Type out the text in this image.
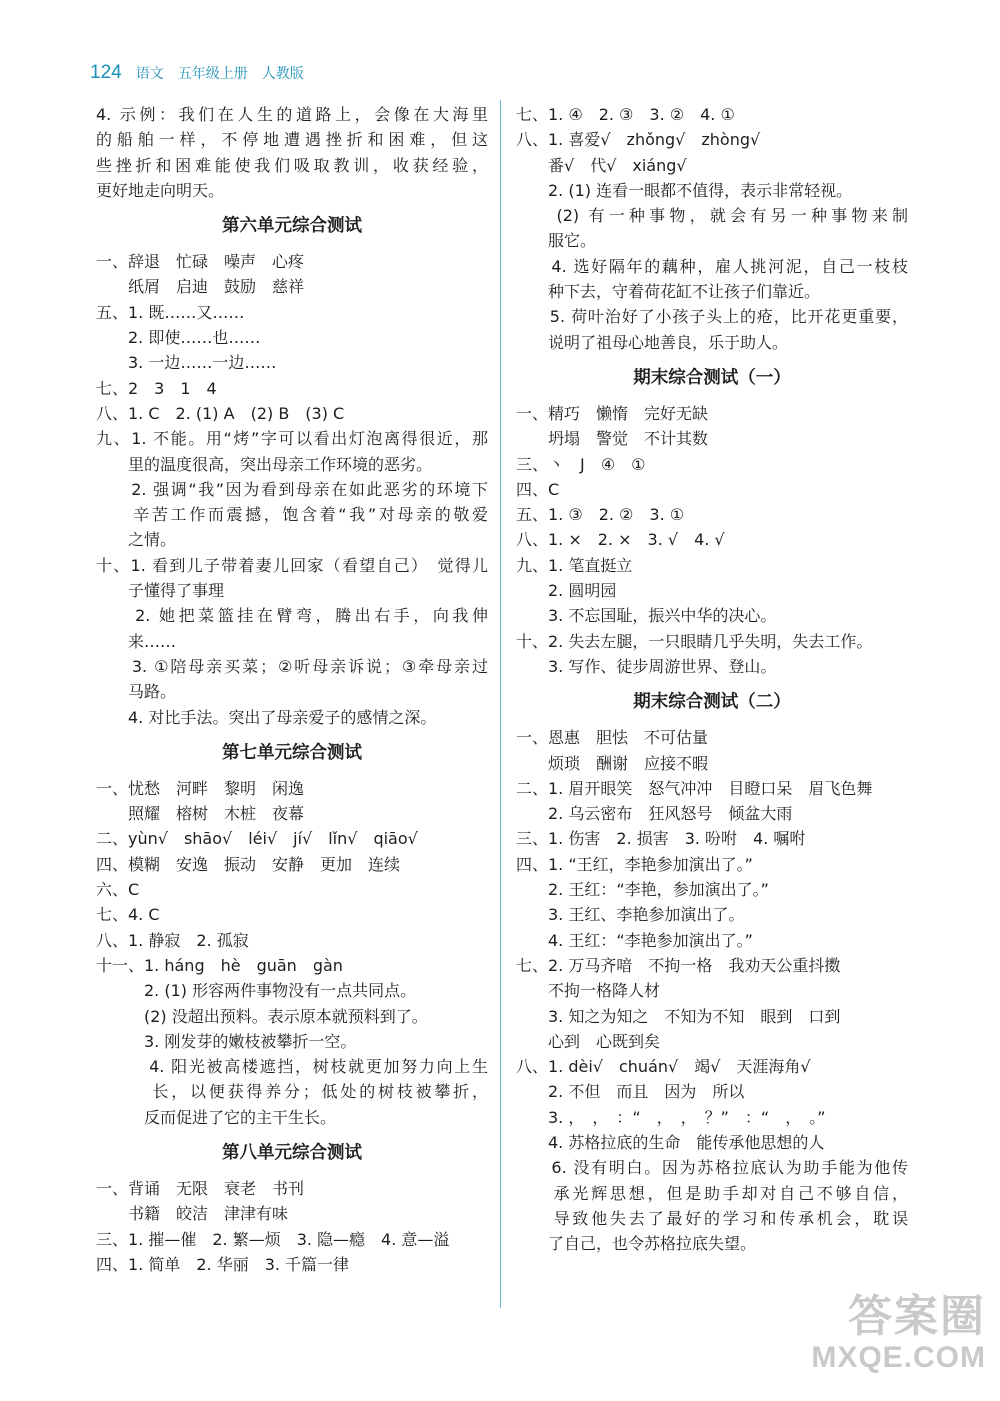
124 语文 五年级上册 人教版
4. 示例：我们在人生的道路上，会像在大海里
的船舶一样，不停地遭遇挫折和困难，但这
些挫折和困难能使我们吸取教训，收获经验，
更好地走向明天。
第六单元综合测试
一、辞退　忙碌　噪声　心疼
　　纸屑　启迪　鼓励　慈祥
五、1. 既……又……
　　2. 即使……也……
　　3. 一边……一边……
七、2　3　1　4
八、1. C　2. (1) A　(2) B　(3) C
九、1. 不能。用“烤”字可以看出灯泡离得很近，那
　　里的温度很高，突出母亲工作环境的恶劣。
　　2. 强调“我”因为看到母亲在如此恶劣的环境下
　　辛苦工作而震撼，饱含着“我”对母亲的敬爱
　　之情。
十、1. 看到儿子带着妻儿回家（看望自己）　觉得儿
　　子懂得了事理
　　2. 她把菜篮挂在臂弯，腾出右手，向我伸
　　来……
　　3. ①陪母亲买菜；②听母亲诉说；③牵母亲过
　　马路。
　　4. 对比手法。突出了母亲爱子的感情之深。
第七单元综合测试
一、忧愁　河畔　黎明　闲逸
　　照耀　榕树　木桩　夜幕
二、yùn√　shāo√　léi√　jí√　lǐn√　qiāo√
四、模糊　安逸　振动　安静　更加　连续
六、C
七、4. C
八、1. 静寂　2. 孤寂
十一、1. háng　hè　guān　gàn
　　　2. (1) 形容两件事物没有一点共同点。
　　　(2) 没超出预料。表示原本就预料到了。
　　　3. 刚发芽的嫩枝被攀折一空。
　　　4. 阳光被高楼遮挡，树枝就更加努力向上生
　　　长，以便获得养分；低处的树枝被攀折，
　　　反而促进了它的主干生长。
第八单元综合测试
一、背诵　无限　衰老　书刊
　　书籍　皎洁　津津有味
三、1. 摧—催　2. 繁—烦　3. 隐—瘾　4. 意—溢
四、1. 简单　2. 华丽　3. 千篇一律
七、1. ④　2. ③　3. ②　4. ①
八、1. 喜爱√　zhǒng√　zhòng√
　　番√　代√　xiáng√
　　2. (1) 连看一眼都不值得，表示非常轻视。
　　(2) 有一种事物，就会有另一种事物来制
　　服它。
　　4. 选好隔年的藕种，雇人挑河泥，自己一枝枝
　　种下去，守着荷花缸不让孩子们靠近。
　　5. 荷叶治好了小孩子头上的疮，比开花更重要，
　　说明了祖母心地善良，乐于助人。
期末综合测试（一）
一、精巧　懒惰　完好无缺
　　坍塌　警觉　不计其数
三、丶　J　④　①
四、C
五、1. ③　2. ②　3. ①
八、1. ×　2. ×　3. √　4. √
九、1. 笔直挺立
　　2. 圆明园
　　3. 不忘国耻，振兴中华的决心。
十、2. 失去左腿，一只眼睛几乎失明，失去工作。
　　3. 写作、徒步周游世界、登山。
期末综合测试（二）
一、恩惠　胆怯　不可估量
　　烦琐　酬谢　应接不暇
二、1. 眉开眼笑　怒气冲冲　目瞪口呆　眉飞色舞
　　2. 乌云密布　狂风怒号　倾盆大雨
三、1. 伤害　2. 损害　3. 吩咐　4. 嘱咐
四、1. “王红，李艳参加演出了。”
　　2. 王红：“李艳，参加演出了。”
　　3. 王红、李艳参加演出了。
　　4. 王红：“李艳参加演出了。”
七、2. 万马齐喑　不拘一格　我劝天公重抖擞
　　不拘一格降人材
　　3. 知之为知之　不知为不知　眼到　口到
　　心到　心既到矣
八、1. dèi√　chuán√　竭√　天涯海角√
　　2. 不但　而且　因为　所以
　　3. ，　，　：“　，　，　？”　：“　，　。”
　　4. 苏格拉底的生命　能传承他思想的人
　　6. 没有明白。因为苏格拉底认为助手能为他传
　　承光辉思想，但是助手却对自己不够自信，
　　导致他失去了最好的学习和传承机会，耽误
　　了自己，也令苏格拉底失望。
答案圈
MXQE.COM
